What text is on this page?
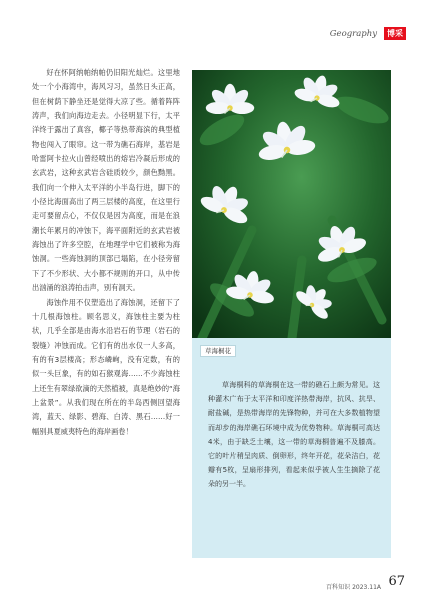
Geography	博采

好在怀阿纳帕纳帕仍旧阳光灿烂。这里地处一个小海湾中，海风习习，虽然日头正高，但在树荫下静坐还是觉得大凉了些。循着阵阵涛声，我们向海边走去。小径明显下行，太平洋终于露出了真容，椰子等热带海滨的典型植物也闯入了眼帘。这一带为礁石海岸，基岩是哈雷阿卡拉火山曾经喷出的熔岩冷凝后形成的玄武岩，这种玄武岩含硅质较少，颜色黝黑。我们向一个伸入太平洋的小半岛行进，脚下的小径比海面高出了两三层楼的高度，在这里行走可要留点心，不仅仅是因为高度，而是在浪潮长年累月的冲蚀下，海平面附近的玄武岩被海蚀出了许多空腔，在地理学中它们被称为海蚀洞。一些海蚀洞的顶部已塌陷，在小径旁留下了不少形状、大小都不规则的开口，从中传出汹涌的浪涛拍击声，别有洞天。

海蚀作用不仅塑造出了海蚀洞，还留下了十几根海蚀柱。顾名思义，海蚀柱主要为柱状，几乎全部是由海水沿岩石的节理（岩石的裂缝）冲蚀而成。它们有的出水仅一人多高，有的有3层楼高；形态嶙峋，没有定数，有的似一头巨象，有的如石猴观海……不少海蚀柱上还生有翠绿欲滴的天然植被，真是绝妙的“海上盆景”。从我们现在所在的半岛西侧回望海湾，蓝天、绿影、碧海、白涛、黑石……好一幅别具夏威夷特色的海岸画卷！

草海桐花

草海桐科的草海桐在这一带的礁石上颇为常见。这种灌木广布于太平洋和印度洋热带海岸，抗风、抗旱、耐盐碱，是热带海岸的先锋物种，并可在大多数植物望而却步的海岸礁石环境中成为优势物种。草海桐可高达4米，由于缺乏土壤，这一带的草海桐普遍不及膝高。它的叶片稍呈肉质、倒卵形，终年开花，花朵洁白，花瓣有5枚，呈扇形排列，看起来似乎被人生生摘除了花朵的另一半。

百科知识 2023.11A 67
